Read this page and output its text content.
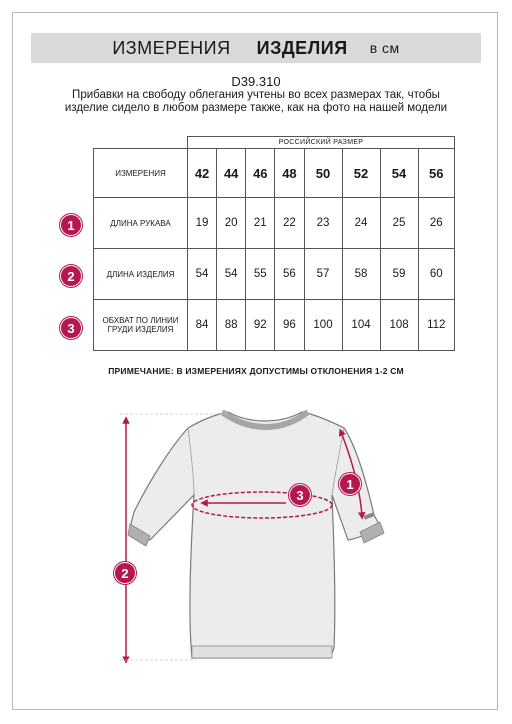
ИЗМЕРЕНИЯ ИЗДЕЛИЯ в см
D39.310
Прибавки на свободу облегания учтены во всех размерах так, чтобы изделие сидело в любом размере также, как на фото на нашей модели
	РОССИЙСКИЙ РАЗМЕР							
ИЗМЕРЕНИЯ	42	44	46	48	50	52	54	56
ДЛИНА РУКАВА	19	20	21	22	23	24	25	26
ДЛИНА ИЗДЕЛИЯ	54	54	55	56	57	58	59	60
ОБХВАТ ПО ЛИНИИ ГРУДИ ИЗДЕЛИЯ	84	88	92	96	100	104	108	112
1
2
3
ПРИМЕЧАНИЕ: В ИЗМЕРЕНИЯХ ДОПУСТИМЫ ОТКЛОНЕНИЯ 1-2 СМ
3
2
1
